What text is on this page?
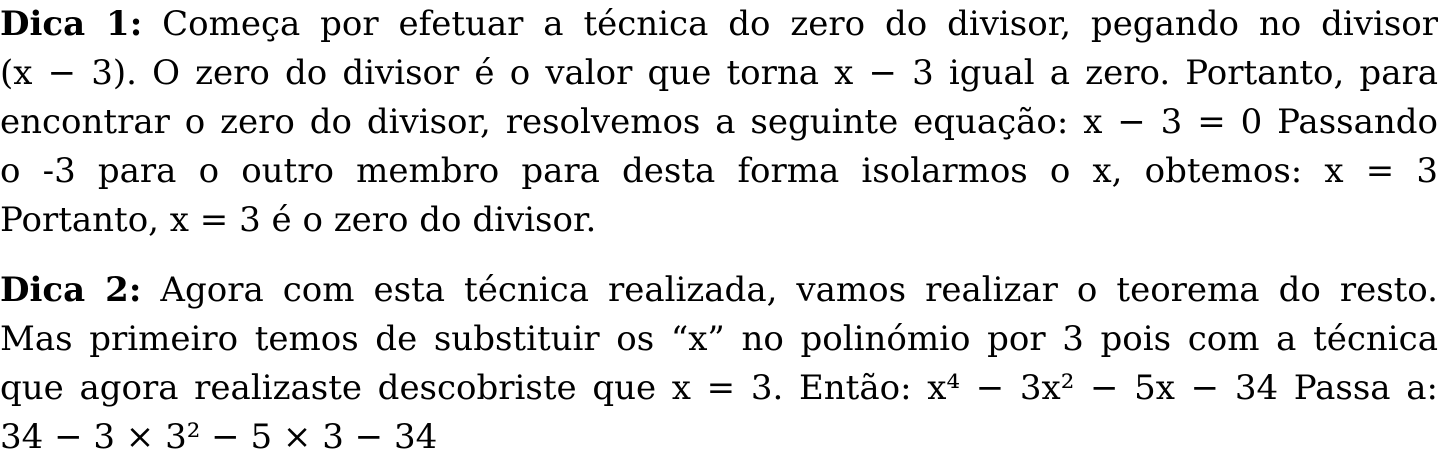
Dica 1: Começa por efetuar a técnica do zero do divisor, pegando no divisor
(x − 3). O zero do divisor é o valor que torna x − 3 igual a zero. Portanto, para
encontrar o zero do divisor, resolvemos a seguinte equação: x − 3 = 0 Passando
o -3 para o outro membro para desta forma isolarmos o x, obtemos: x = 3
Portanto, x = 3 é o zero do divisor.
Dica 2: Agora com esta técnica realizada, vamos realizar o teorema do resto.
Mas primeiro temos de substituir os “x” no polinómio por 3 pois com a técnica
que agora realizaste descobriste que x = 3. Então: x⁴ − 3x² − 5x − 34 Passa a:
34 − 3 × 3² − 5 × 3 − 34
